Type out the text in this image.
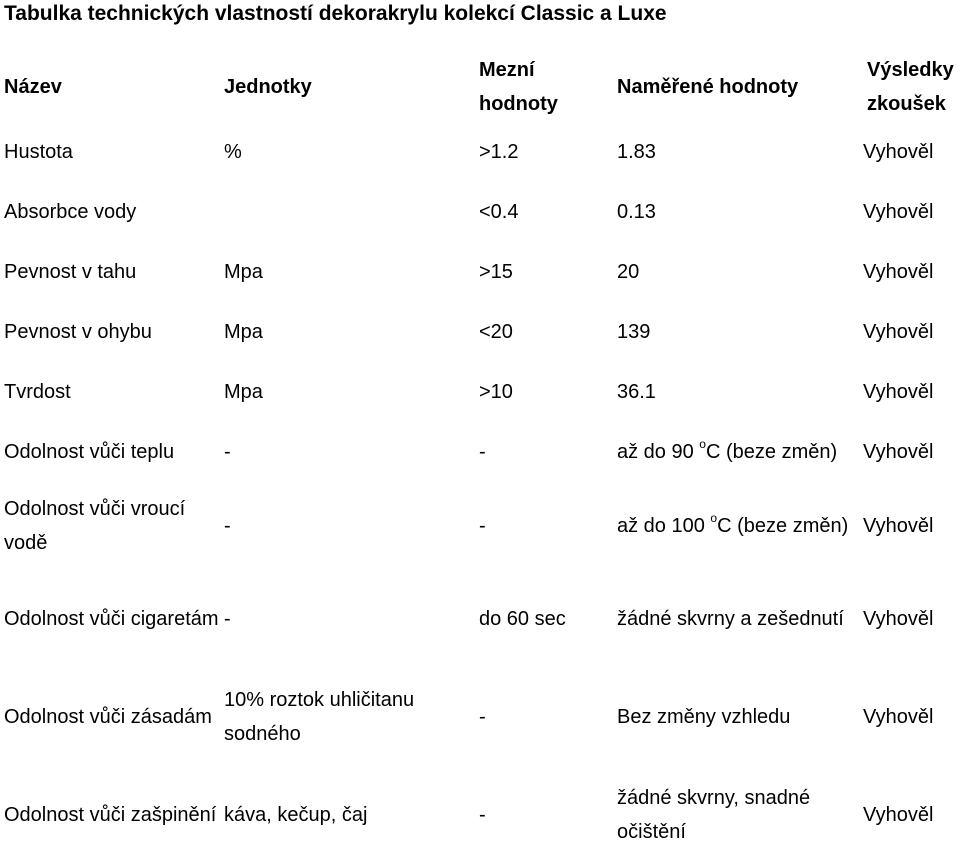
Tabulka technických vlastností dekorakrylu kolekcí Classic a Luxe
Název	Jednotky	Mezní hodnoty	Naměřené hodnoty	Výsledky zkoušek
Hustota	%	>1.2	1.83	Vyhověl
Absorbce vody		<0.4	0.13	Vyhověl
Pevnost v tahu	Mpa	>15	20	Vyhověl
Pevnost v ohybu	Mpa	<20	139	Vyhověl
Tvrdost	Mpa	>10	36.1	Vyhověl
Odolnost vůči teplu	-	-	až do 90 $^o$C (beze změn)	Vyhověl
Odolnost vůči vroucí vodě	-	-	až do 100 $^o$C (beze změn)	Vyhověl
Odolnost vůči cigaretám	-	do 60 sec	žádné skvrny a zešednutí	Vyhověl
Odolnost vůči zásadám	10% roztok uhličitanu sodného	-	Bez změny vzhledu	Vyhověl
Odolnost vůči zašpinění	káva, kečup, čaj	-	žádné skvrny, snadné očištění	Vyhověl
